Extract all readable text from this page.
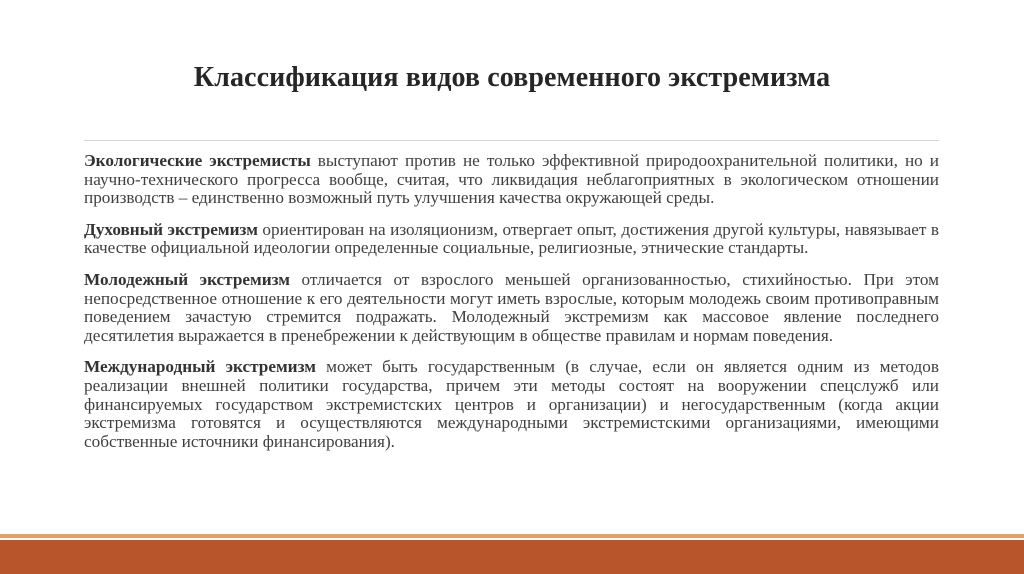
Классификация видов современного экстремизма

Экологические экстремисты выступают против не только эффективной природоохранительной политики, но и научно-технического прогресса вообще, считая, что ликвидация неблагоприятных в экологическом отношении производств – единственно возможный путь улучшения качества окружающей среды.

Духовный экстремизм ориентирован на изоляционизм, отвергает опыт, достижения другой культуры, навязывает в качестве официальной идеологии определенные социальные, религиозные, этнические стандарты.

Молодежный экстремизм отличается от взрослого меньшей организованностью, стихийностью. При этом непосредственное отношение к его деятельности могут иметь взрослые, которым молодежь своим противоправным поведением зачастую стремится подражать. Молодежный экстремизм как массовое явление последнего десятилетия выражается в пренебрежении к действующим в обществе правилам и нормам поведения.

Международный экстремизм может быть государственным (в случае, если он является одним из методов реализации внешней политики государства, причем эти методы состоят на вооружении спецслужб или финансируемых государством экстремистских центров и организации) и негосударственным (когда акции экстремизма готовятся и осуществляются международными экстремистскими организациями, имеющими собственные источники финансирования).
